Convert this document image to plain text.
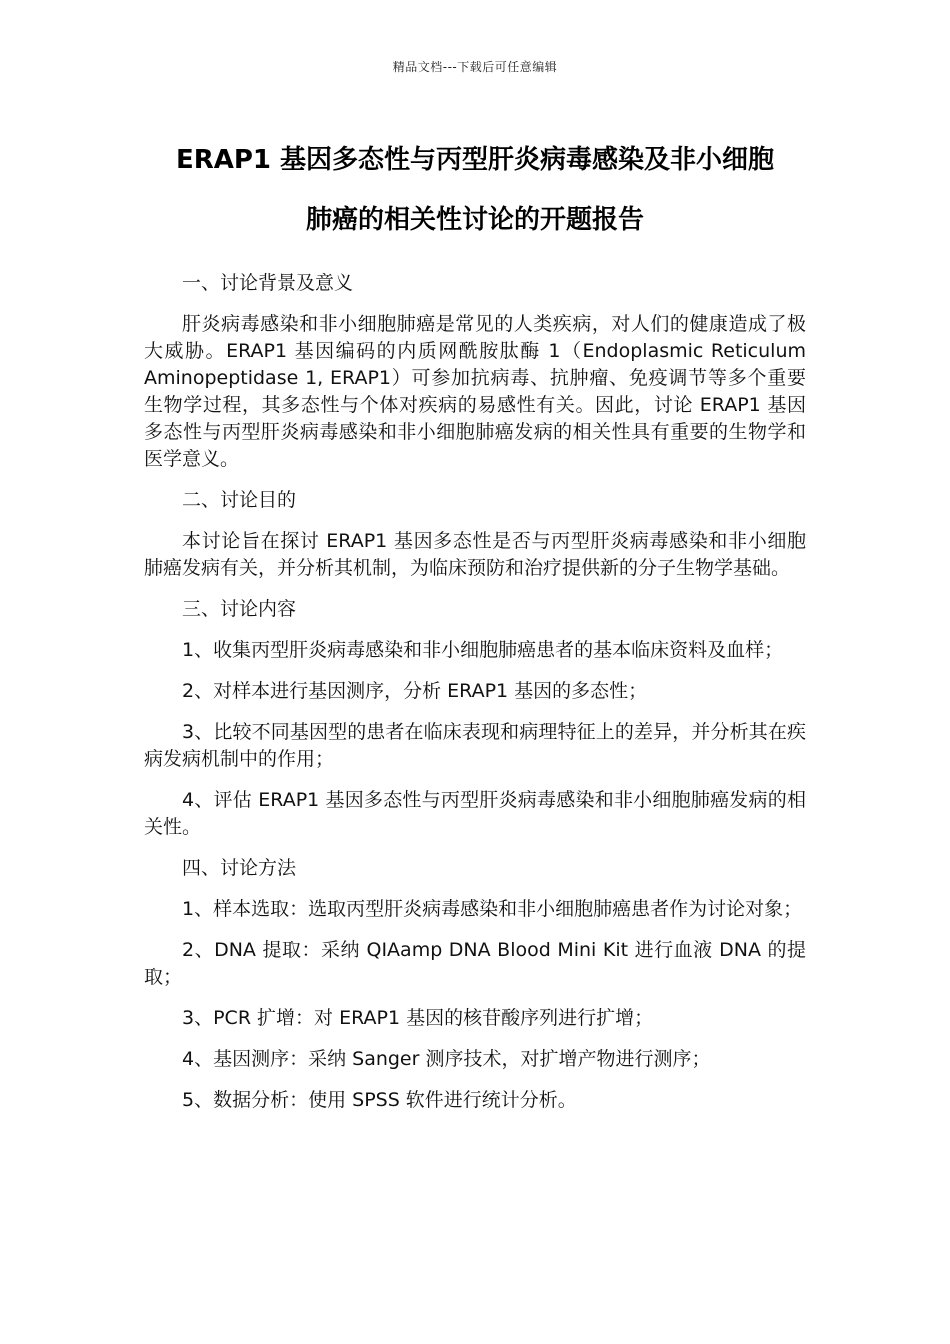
精品文档---下载后可任意编辑
ERAP1 基因多态性与丙型肝炎病毒感染及非小细胞
肺癌的相关性讨论的开题报告

一、讨论背景及意义

肝炎病毒感染和非小细胞肺癌是常见的人类疾病，对人们的健康造成了极大威胁。ERAP1 基因编码的内质网酰胺肽酶 1（Endoplasmic Reticulum Aminopeptidase 1, ERAP1）可参加抗病毒、抗肿瘤、免疫调节等多个重要生物学过程，其多态性与个体对疾病的易感性有关。因此，讨论 ERAP1 基因多态性与丙型肝炎病毒感染和非小细胞肺癌发病的相关性具有重要的生物学和医学意义。

二、讨论目的

本讨论旨在探讨 ERAP1 基因多态性是否与丙型肝炎病毒感染和非小细胞肺癌发病有关，并分析其机制，为临床预防和治疗提供新的分子生物学基础。

三、讨论内容

1、收集丙型肝炎病毒感染和非小细胞肺癌患者的基本临床资料及血样；

2、对样本进行基因测序，分析 ERAP1 基因的多态性；

3、比较不同基因型的患者在临床表现和病理特征上的差异，并分析其在疾病发病机制中的作用；

4、评估 ERAP1 基因多态性与丙型肝炎病毒感染和非小细胞肺癌发病的相关性。

四、讨论方法

1、样本选取：选取丙型肝炎病毒感染和非小细胞肺癌患者作为讨论对象；

2、DNA 提取：采纳 QIAamp DNA Blood Mini Kit 进行血液 DNA 的提取；

3、PCR 扩增：对 ERAP1 基因的核苷酸序列进行扩增；

4、基因测序：采纳 Sanger 测序技术，对扩增产物进行测序；

5、数据分析：使用 SPSS 软件进行统计分析。
